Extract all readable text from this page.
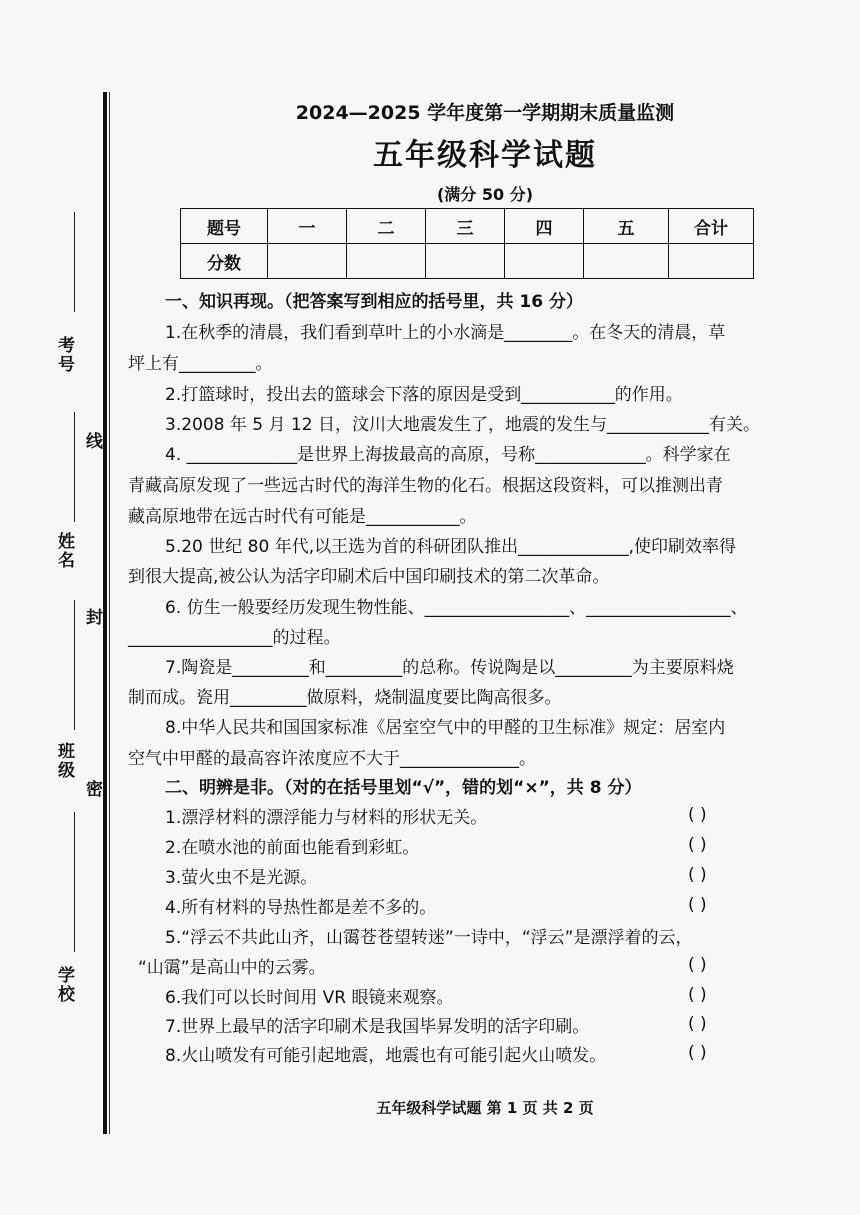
考号
线
姓名
封
班级
密
学校
2024—2025 学年度第一学期期末质量监测
五年级科学试题
(满分 50 分)
题号	一	二	三	四	五	合计
分数						
一、知识再现。（把答案写到相应的括号里，共 16 分）
1.在秋季的清晨，我们看到草叶上的小水滴是________。在冬天的清晨，草
坪上有_________。
2.打篮球时，投出去的篮球会下落的原因是受到___________的作用。
3.2008 年 5 月 12 日，汶川大地震发生了，地震的发生与____________有关。
4. _____________是世界上海拔最高的高原，号称_____________。科学家在
青藏高原发现了一些远古时代的海洋生物的化石。根据这段资料，可以推测出青
藏高原地带在远古时代有可能是___________。
5.20 世纪 80 年代,以王选为首的科研团队推出_____________,使印刷效率得
到很大提高,被公认为活字印刷术后中国印刷技术的第二次革命。
6. 仿生一般要经历发现生物性能、_________________、_________________、
_________________的过程。
7.陶瓷是_________和_________的总称。传说陶是以_________为主要原料烧
制而成。瓷用_________做原料，烧制温度要比陶高很多。
8.中华人民共和国国家标准《居室空气中的甲醛的卫生标准》规定：居室内
空气中甲醛的最高容许浓度应不大于______________。
二、明辨是非。（对的在括号里划“√”，错的划“×”，共 8 分）
1.漂浮材料的漂浮能力与材料的形状无关。	( )
2.在喷水池的前面也能看到彩虹。	( )
3.萤火虫不是光源。	( )
4.所有材料的导热性都是差不多的。	( )
5.“浮云不共此山齐，山霭苍苍望转迷”一诗中，“浮云”是漂浮着的云，
“山霭”是高山中的云雾。	( )
6.我们可以长时间用 VR 眼镜来观察。	( )
7.世界上最早的活字印刷术是我国毕昇发明的活字印刷。	( )
8.火山喷发有可能引起地震，地震也有可能引起火山喷发。	( )
五年级科学试题 第 1 页 共 2 页
